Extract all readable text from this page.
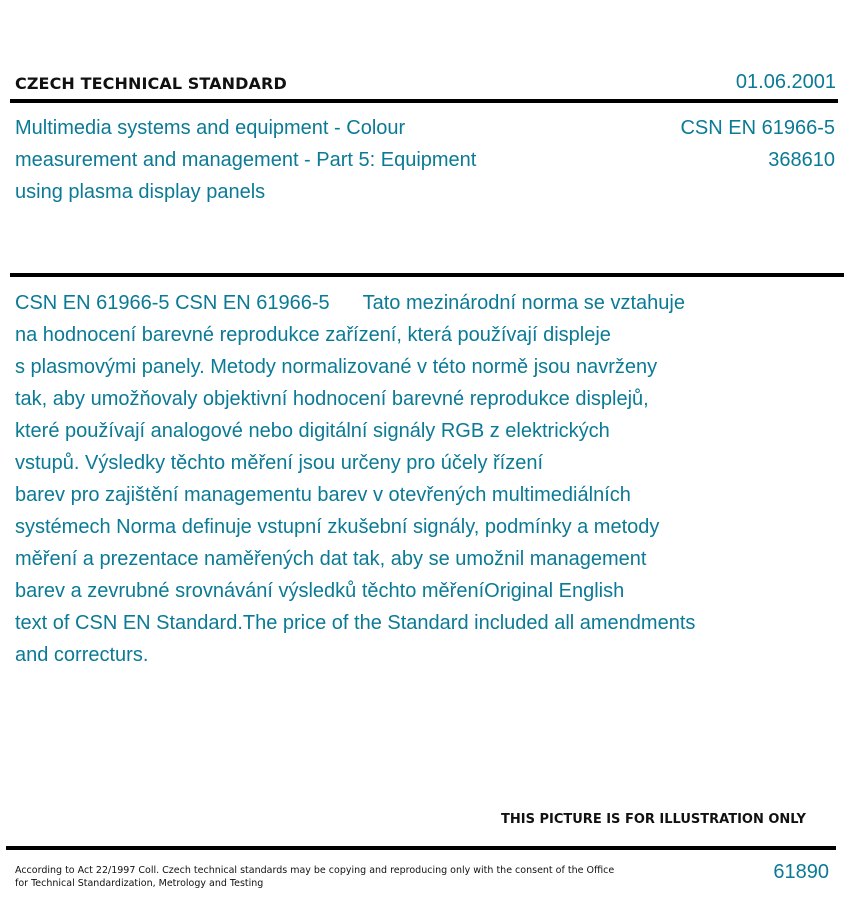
CZECH TECHNICAL STANDARD	01.06.2001
Multimedia systems and equipment - Colour
measurement and management - Part 5: Equipment
using plasma display panels
CSN EN 61966-5
368610
CSN EN 61966-5 CSN EN 61966-5      Tato mezinárodní norma se vztahuje
na hodnocení barevné reprodukce zařízení, která používají displeje
s plasmovými panely. Metody normalizované v této normě jsou navrženy
tak, aby umožňovaly objektivní hodnocení barevné reprodukce displejů,
které používají analogové nebo digitální signály RGB z elektrických
vstupů. Výsledky těchto měření jsou určeny pro účely řízení
barev pro zajištění managementu barev v otevřených multimediálních
systémech Norma definuje vstupní zkušební signály, podmínky a metody
měření a prezentace naměřených dat tak, aby se umožnil management
barev a zevrubné srovnávání výsledků těchto měřeníOriginal English
text of CSN EN Standard.The price of the Standard included all amendments
and correcturs.
THIS PICTURE IS FOR ILLUSTRATION ONLY
According to Act 22/1997 Coll. Czech technical standards may be copying and reproducing only with the consent of the Office
for Technical Standardization, Metrology and Testing
61890
